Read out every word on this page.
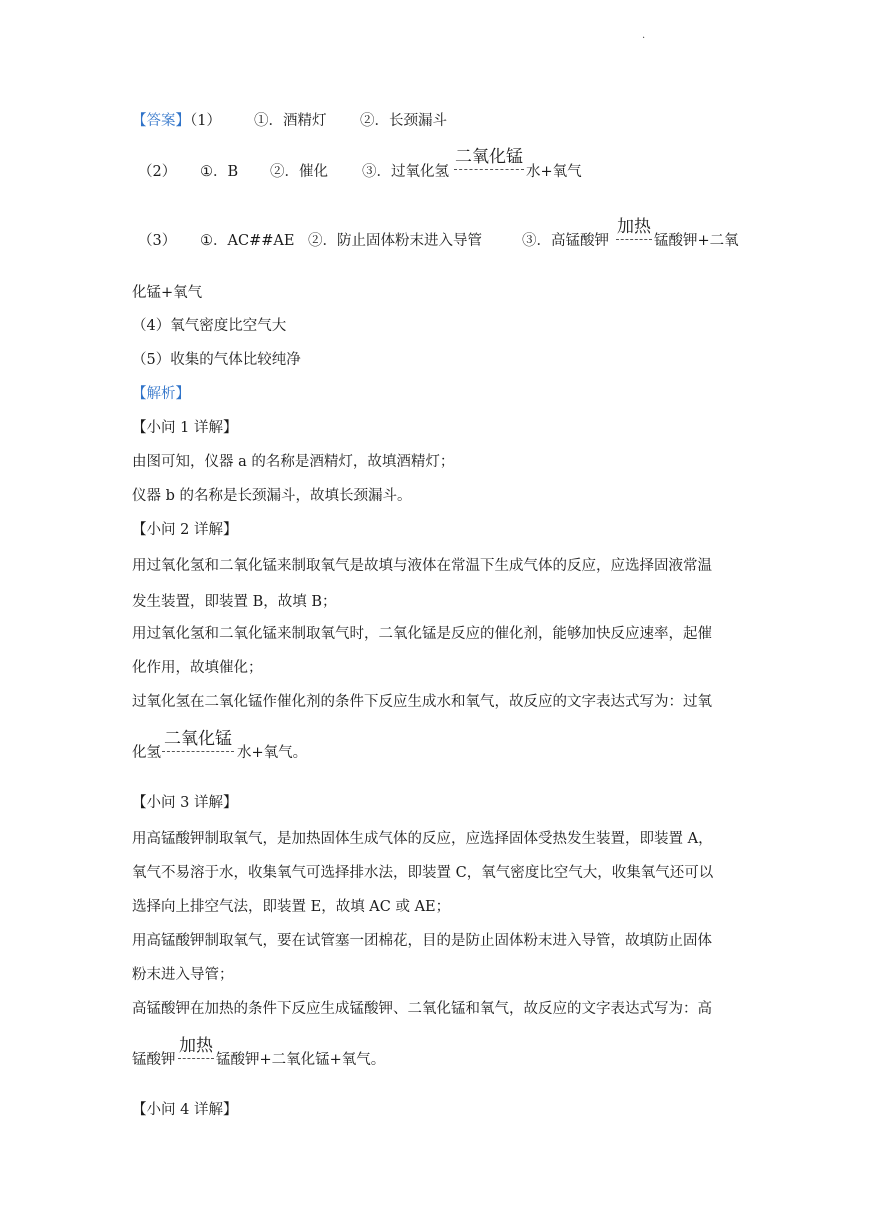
.
【答案】（1） ①．酒精灯 ②．长颈漏斗
（2） ①．B ②．催化 ③．过氧化氢
二氧化锰
水+氧气
（3） ①．AC##AE ②．防止固体粉末进入导管	③．高锰酸钾
加热
锰酸钾+二氧
化锰+氧气
（4）氧气密度比空气大
（5）收集的气体比较纯净
【解析】
【小问 1 详解】
由图可知，仪器 a 的名称是酒精灯，故填酒精灯；
仪器 b 的名称是长颈漏斗，故填长颈漏斗。
【小问 2 详解】
用过氧化氢和二氧化锰来制取氧气是故填与液体在常温下生成气体的反应，应选择固液常温
发生装置，即装置 B，故填 B；
用过氧化氢和二氧化锰来制取氧气时，二氧化锰是反应的催化剂，能够加快反应速率，起催
化作用，故填催化；
过氧化氢在二氧化锰作催化剂的条件下反应生成水和氧气，故反应的文字表达式写为：过氧
化氢
二氧化锰
水+氧气。
【小问 3 详解】
用高锰酸钾制取氧气，是加热固体生成气体的反应，应选择固体受热发生装置，即装置 A，
氧气不易溶于水，收集氧气可选择排水法，即装置 C，氧气密度比空气大，收集氧气还可以
选择向上排空气法，即装置 E，故填 AC 或 AE；
用高锰酸钾制取氧气，要在试管塞一团棉花，目的是防止固体粉末进入导管，故填防止固体
粉末进入导管；
高锰酸钾在加热的条件下反应生成锰酸钾、二氧化锰和氧气，故反应的文字表达式写为：高
锰酸钾
加热
锰酸钾+二氧化锰+氧气。
【小问 4 详解】
